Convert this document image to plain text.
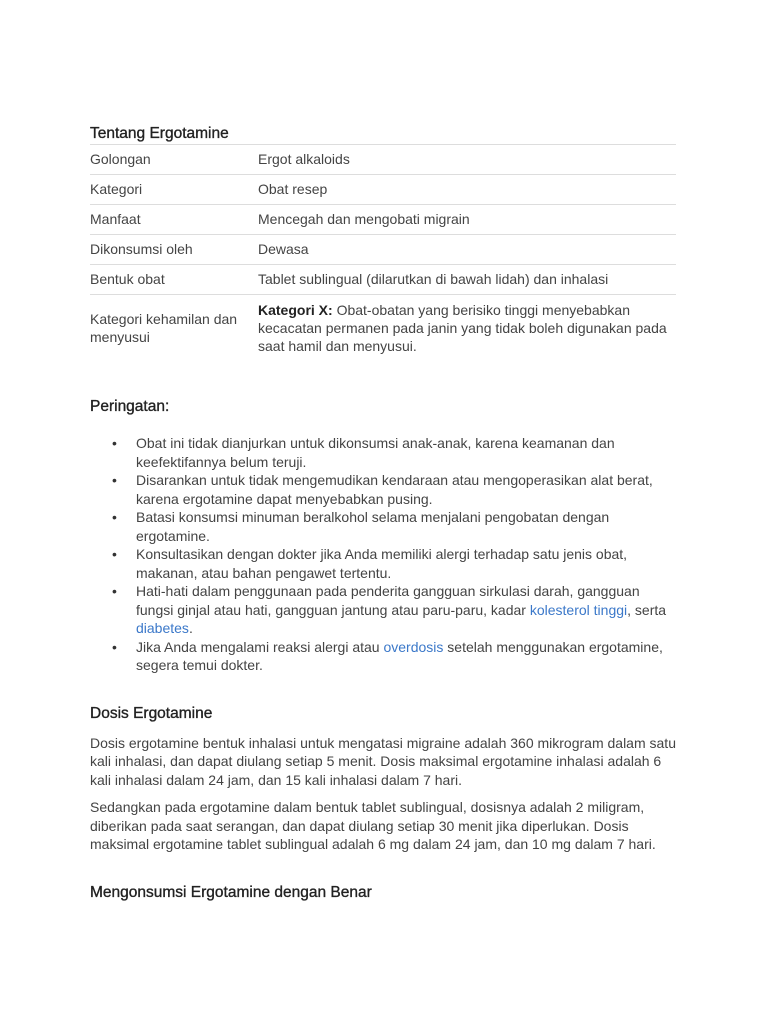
Tentang Ergotamine
Golongan	Ergot alkaloids
Kategori	Obat resep
Manfaat	Mencegah dan mengobati migrain
Dikonsumsi oleh	Dewasa
Bentuk obat	Tablet sublingual (dilarutkan di bawah lidah) dan inhalasi
Kategori kehamilan dan menyusui	Kategori X: Obat-obatan yang berisiko tinggi menyebabkan kecacatan permanen pada janin yang tidak boleh digunakan pada saat hamil dan menyusui.
Peringatan:
• Obat ini tidak dianjurkan untuk dikonsumsi anak-anak, karena keamanan dan keefektifannya belum teruji.
• Disarankan untuk tidak mengemudikan kendaraan atau mengoperasikan alat berat, karena ergotamine dapat menyebabkan pusing.
• Batasi konsumsi minuman beralkohol selama menjalani pengobatan dengan ergotamine.
• Konsultasikan dengan dokter jika Anda memiliki alergi terhadap satu jenis obat, makanan, atau bahan pengawet tertentu.
• Hati-hati dalam penggunaan pada penderita gangguan sirkulasi darah, gangguan fungsi ginjal atau hati, gangguan jantung atau paru-paru, kadar kolesterol tinggi, serta diabetes.
• Jika Anda mengalami reaksi alergi atau overdosis setelah menggunakan ergotamine, segera temui dokter.
Dosis Ergotamine

Dosis ergotamine bentuk inhalasi untuk mengatasi migraine adalah 360 mikrogram dalam satu kali inhalasi, dan dapat diulang setiap 5 menit. Dosis maksimal ergotamine inhalasi adalah 6 kali inhalasi dalam 24 jam, dan 15 kali inhalasi dalam 7 hari.

Sedangkan pada ergotamine dalam bentuk tablet sublingual, dosisnya adalah 2 miligram, diberikan pada saat serangan, dan dapat diulang setiap 30 menit jika diperlukan. Dosis maksimal ergotamine tablet sublingual adalah 6 mg dalam 24 jam, dan 10 mg dalam 7 hari.

Mengonsumsi Ergotamine dengan Benar
